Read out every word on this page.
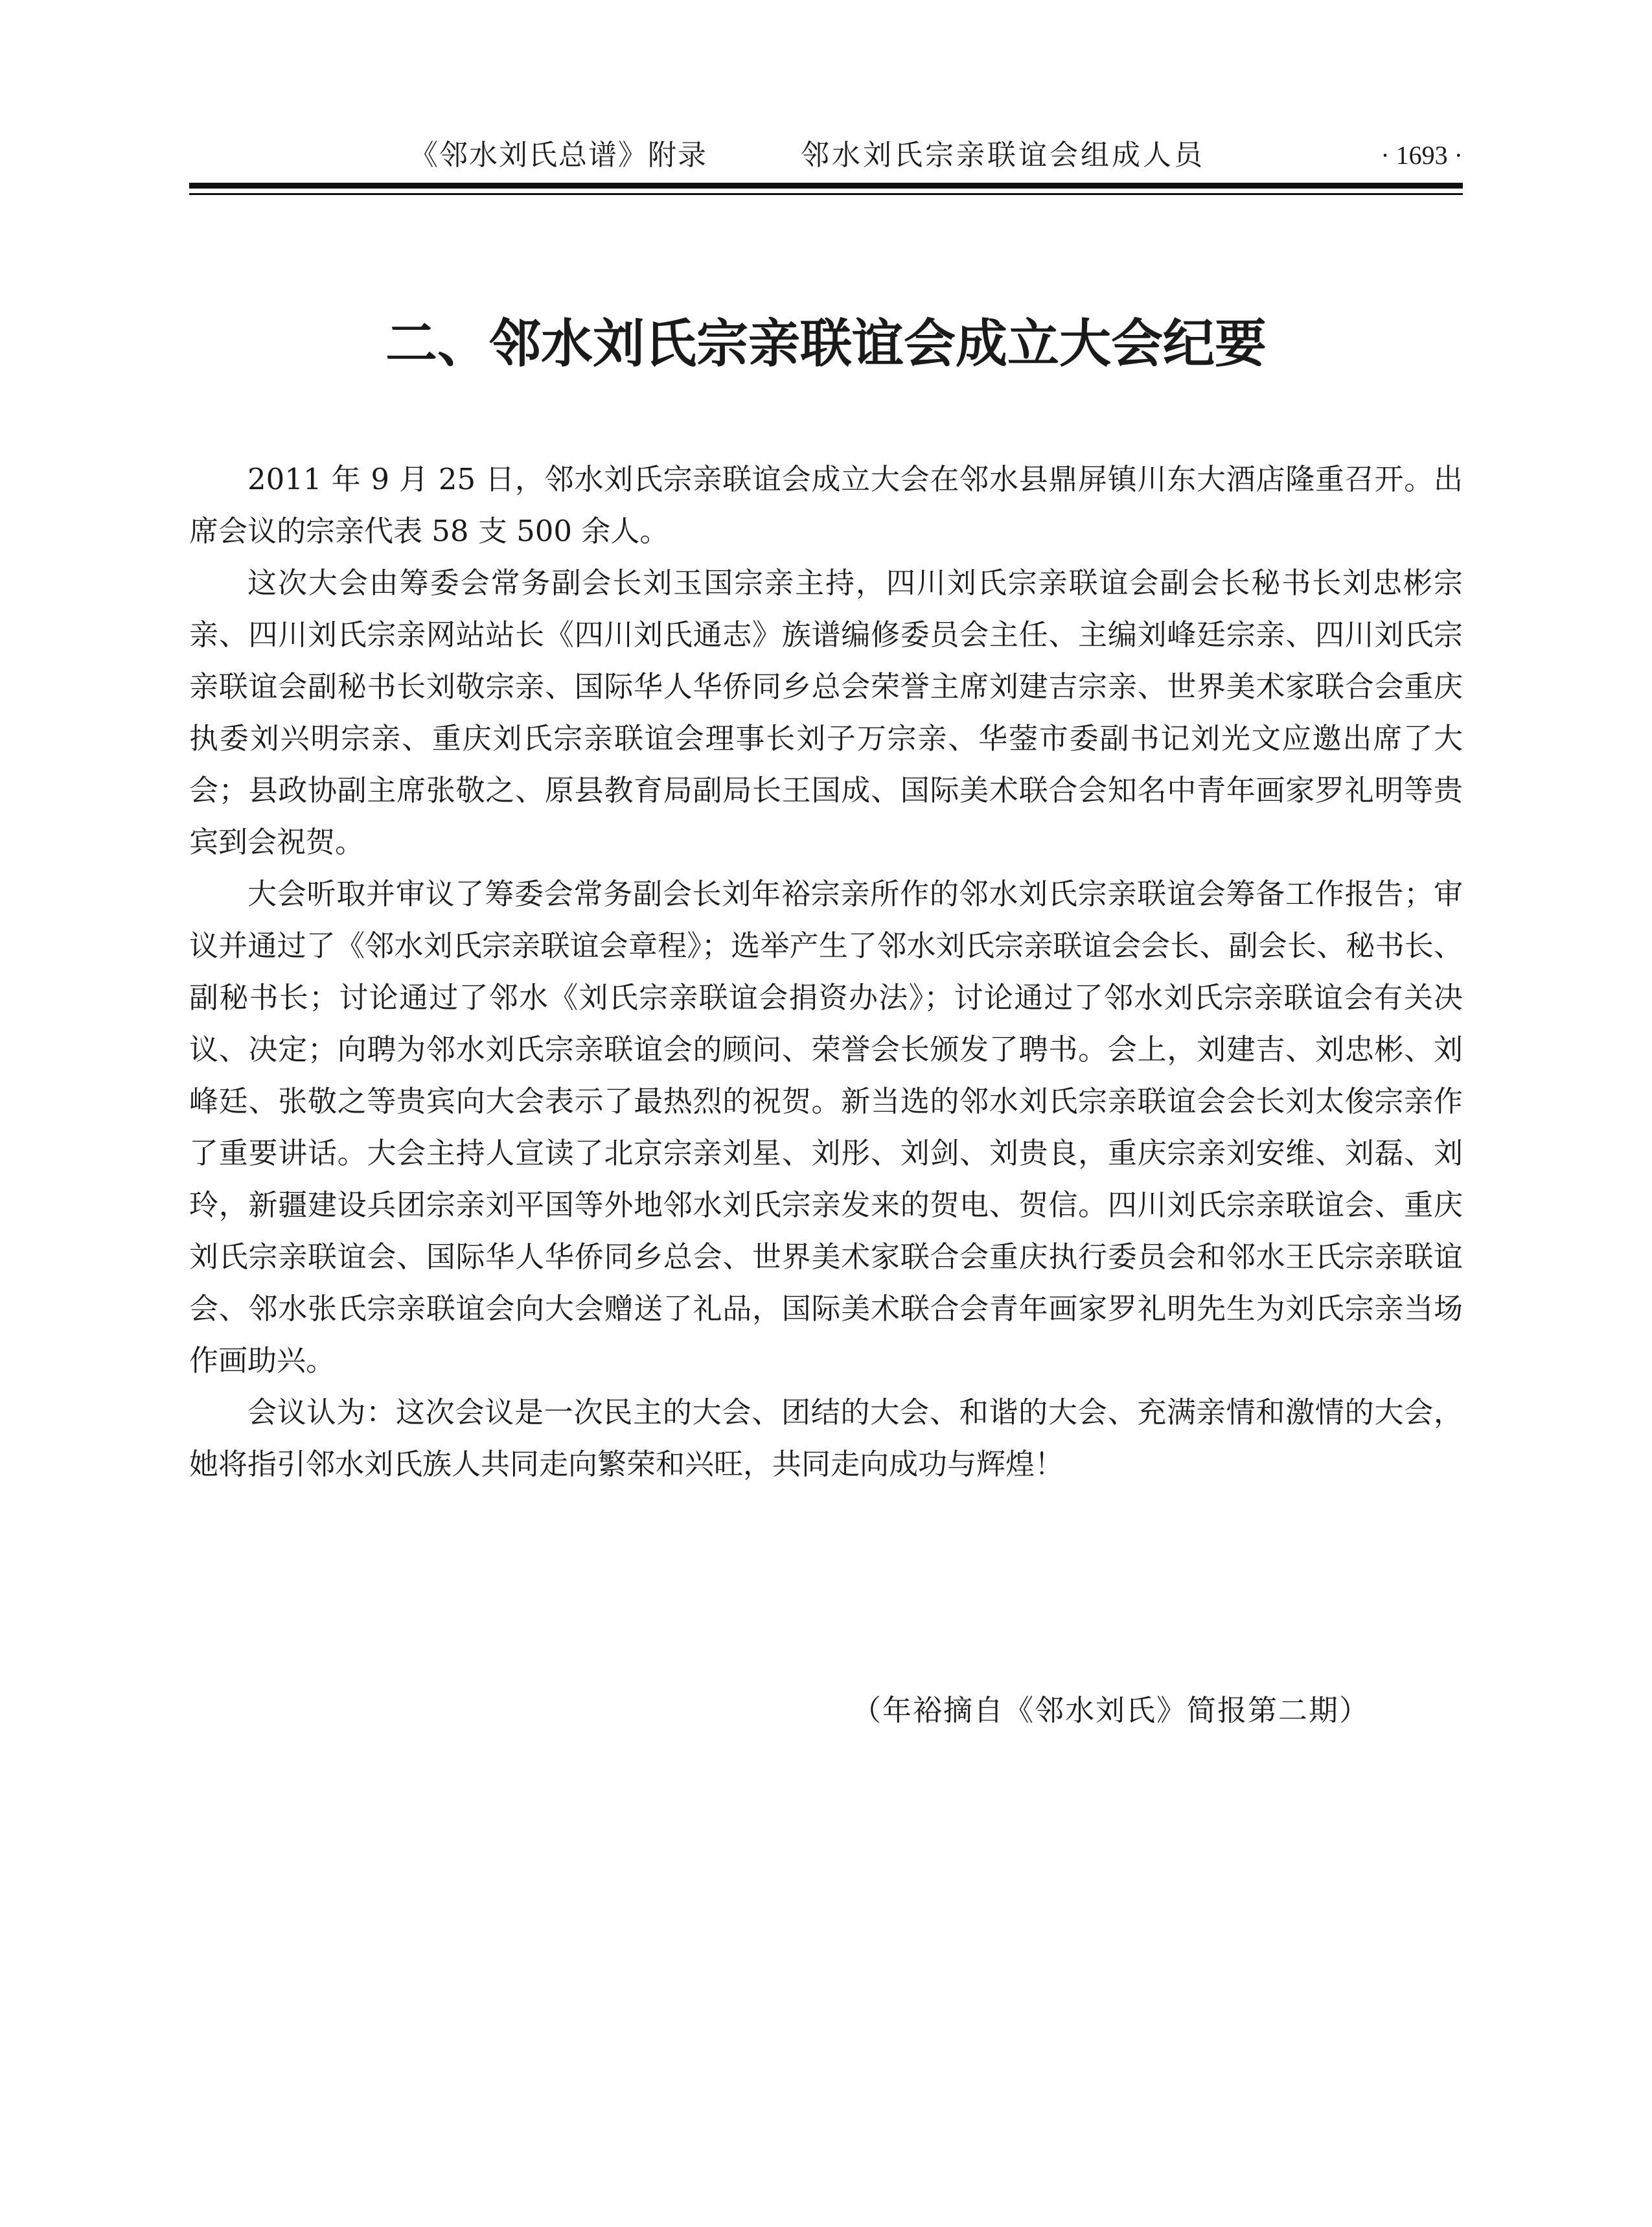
《邻水刘氏总谱》附录	邻水刘氏宗亲联谊会组成人员	· 1693 ·
二、邻水刘氏宗亲联谊会成立大会纪要

2011 年 9 月 25 日，邻水刘氏宗亲联谊会成立大会在邻水县鼎屏镇川东大酒店隆重召开。出席会议的宗亲代表 58 支 500 余人。

这次大会由筹委会常务副会长刘玉国宗亲主持，四川刘氏宗亲联谊会副会长秘书长刘忠彬宗亲、四川刘氏宗亲网站站长《四川刘氏通志》族谱编修委员会主任、主编刘峰廷宗亲、四川刘氏宗亲联谊会副秘书长刘敬宗亲、国际华人华侨同乡总会荣誉主席刘建吉宗亲、世界美术家联合会重庆执委刘兴明宗亲、重庆刘氏宗亲联谊会理事长刘子万宗亲、华蓥市委副书记刘光文应邀出席了大会；县政协副主席张敬之、原县教育局副局长王国成、国际美术联合会知名中青年画家罗礼明等贵宾到会祝贺。

大会听取并审议了筹委会常务副会长刘年裕宗亲所作的邻水刘氏宗亲联谊会筹备工作报告；审议并通过了《邻水刘氏宗亲联谊会章程》；选举产生了邻水刘氏宗亲联谊会会长、副会长、秘书长、副秘书长；讨论通过了邻水《刘氏宗亲联谊会捐资办法》；讨论通过了邻水刘氏宗亲联谊会有关决议、决定；向聘为邻水刘氏宗亲联谊会的顾问、荣誉会长颁发了聘书。会上，刘建吉、刘忠彬、刘峰廷、张敬之等贵宾向大会表示了最热烈的祝贺。新当选的邻水刘氏宗亲联谊会会长刘太俊宗亲作了重要讲话。大会主持人宣读了北京宗亲刘星、刘彤、刘剑、刘贵良，重庆宗亲刘安维、刘磊、刘玲，新疆建设兵团宗亲刘平国等外地邻水刘氏宗亲发来的贺电、贺信。四川刘氏宗亲联谊会、重庆刘氏宗亲联谊会、国际华人华侨同乡总会、世界美术家联合会重庆执行委员会和邻水王氏宗亲联谊会、邻水张氏宗亲联谊会向大会赠送了礼品，国际美术联合会青年画家罗礼明先生为刘氏宗亲当场作画助兴。

会议认为：这次会议是一次民主的大会、团结的大会、和谐的大会、充满亲情和激情的大会，她将指引邻水刘氏族人共同走向繁荣和兴旺，共同走向成功与辉煌！

（年裕摘自《邻水刘氏》简报第二期）
